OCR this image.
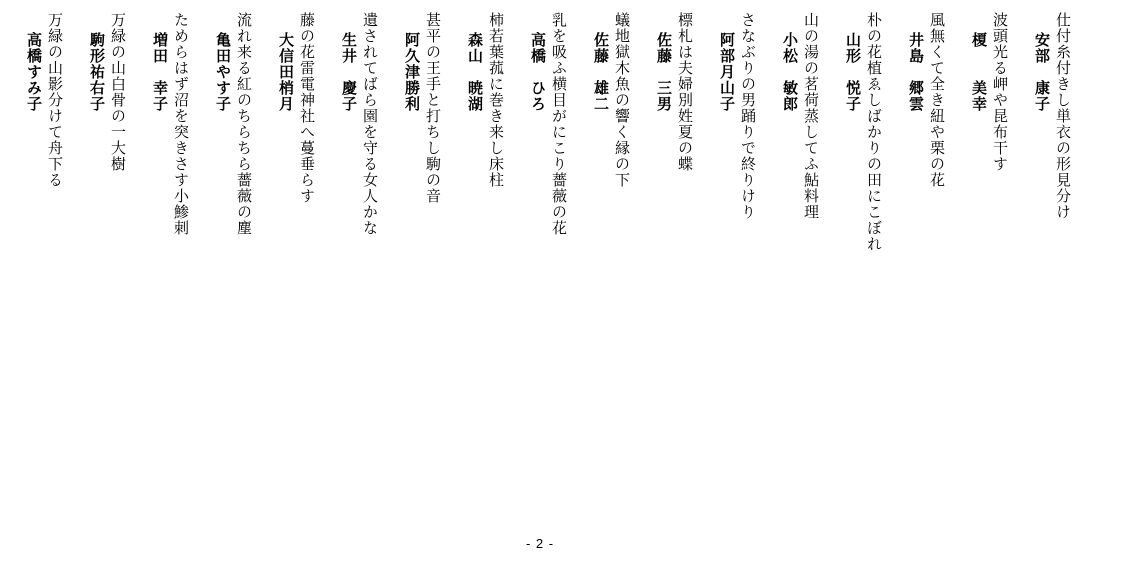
仕付糸付きし単衣の形見分け
安部　康子
波頭光る岬や昆布干す
榎　　美幸
風無くて全き紐や栗の花
井島　郷雲
朴の花植ゑしばかりの田にこぼれ
山形　悦子
山の湯の茗荷蒸してふ鮎料理
小松　敏郎
さなぶりの男踊りで終りけり
阿部月山子
標札は夫婦別姓夏の蝶
佐藤　三男
蟻地獄木魚の響く縁の下
佐藤　雄二
乳を吸ふ横目がにこり薔薇の花
高橋　ひろ
柿若葉菰に巻き来し床柱
森山　暁湖
甚平の王手と打ちし駒の音
阿久津勝利
遺されてばら園を守る女人かな
生井　慶子
藤の花雷電神社へ蔓垂らす
大信田梢月
流れ来る紅のちらちら薔薇の塵
亀田やす子
ためらはず沼を突きさす小鯵刺
増田　幸子
万緑の山白骨の一大樹
駒形祐右子
万緑の山影分けて舟下る
高橋すみ子
- 2 -
